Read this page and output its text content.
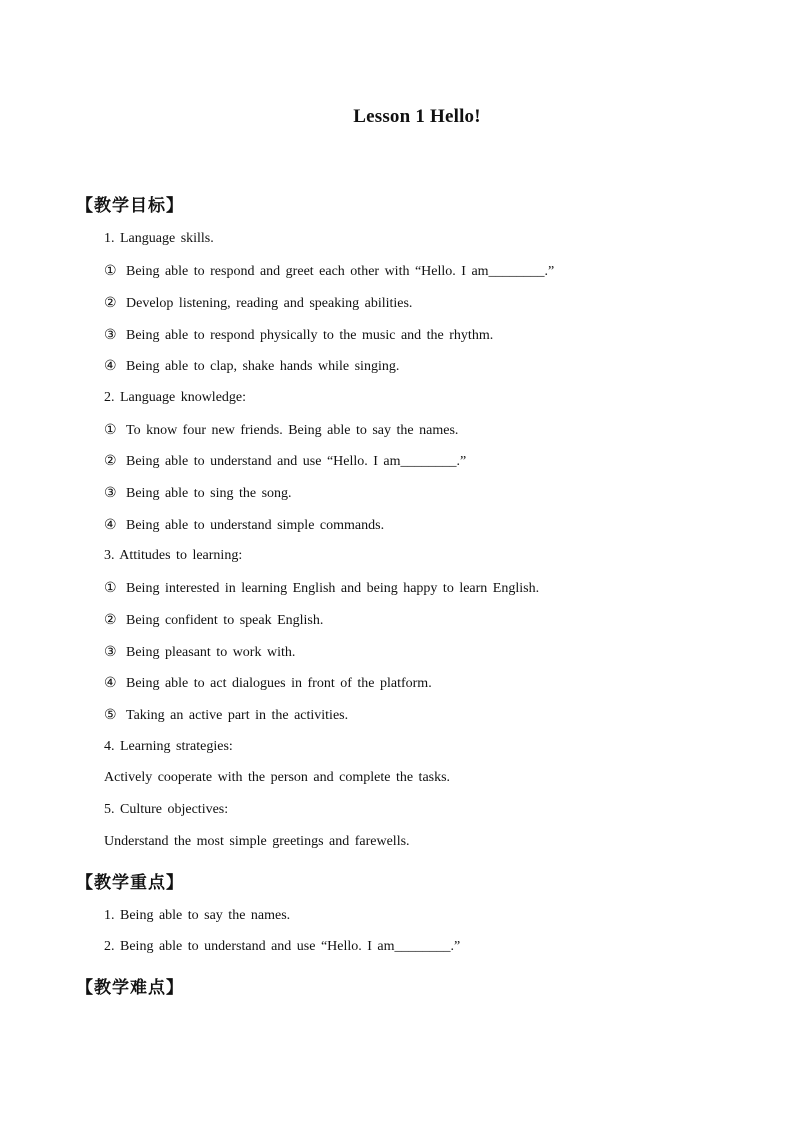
Lesson 1 Hello!
【教学目标】
1. Language skills.
① Being able to respond and greet each other with “Hello. I am________.”
② Develop listening, reading and speaking abilities.
③ Being able to respond physically to the music and the rhythm.
④ Being able to clap, shake hands while singing.
2. Language knowledge:
① To know four new friends. Being able to say the names.
② Being able to understand and use “Hello. I am________.”
③ Being able to sing the song.
④ Being able to understand simple commands.
3. Attitudes to learning:
① Being interested in learning English and being happy to learn English.
② Being confident to speak English.
③ Being pleasant to work with.
④ Being able to act dialogues in front of the platform.
⑤ Taking an active part in the activities.
4. Learning strategies:
Actively cooperate with the person and complete the tasks.
5. Culture objectives:
Understand the most simple greetings and farewells.
【教学重点】
1. Being able to say the names.
2. Being able to understand and use “Hello. I am________.”
【教学难点】
